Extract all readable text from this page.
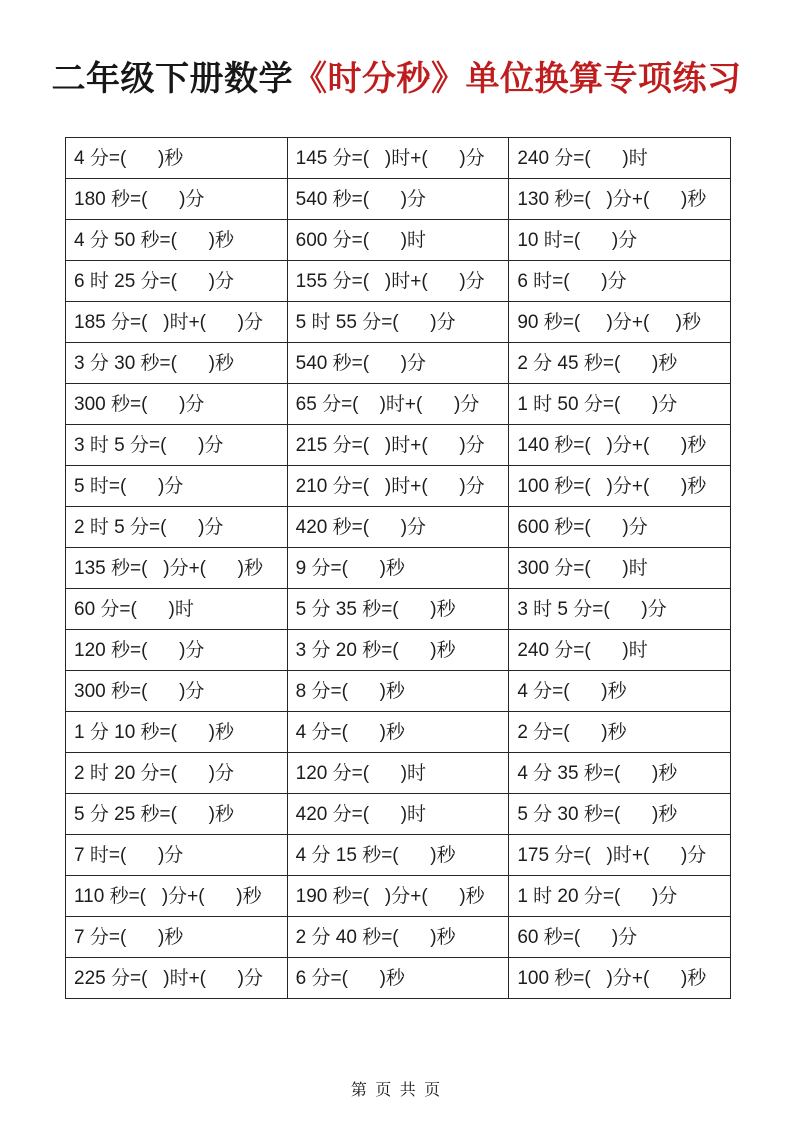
二年级下册数学《时分秒》单位换算专项练习
4 分=(      )秒	145 分=(   )时+(      )分	240 分=(      )时
180 秒=(      )分	540 秒=(      )分	130 秒=(   )分+(      )秒
4 分 50 秒=(      )秒	600 分=(      )时	10 时=(      )分
6 时 25 分=(      )分	155 分=(   )时+(      )分	6 时=(      )分
185 分=(   )时+(      )分	5 时 55 分=(      )分	90 秒=(     )分+(     )秒
3 分 30 秒=(      )秒	540 秒=(      )分	2 分 45 秒=(      )秒
300 秒=(      )分	65 分=(    )时+(      )分	1 时 50 分=(      )分
3 时 5 分=(      )分	215 分=(   )时+(      )分	140 秒=(   )分+(      )秒
5 时=(      )分	210 分=(   )时+(      )分	100 秒=(   )分+(      )秒
2 时 5 分=(      )分	420 秒=(      )分	600 秒=(      )分
135 秒=(   )分+(      )秒	9 分=(      )秒	300 分=(      )时
60 分=(      )时	5 分 35 秒=(      )秒	3 时 5 分=(      )分
120 秒=(      )分	3 分 20 秒=(      )秒	240 分=(      )时
300 秒=(      )分	8 分=(      )秒	4 分=(      )秒
1 分 10 秒=(      )秒	4 分=(      )秒	2 分=(      )秒
2 时 20 分=(      )分	120 分=(      )时	4 分 35 秒=(      )秒
5 分 25 秒=(      )秒	420 分=(      )时	5 分 30 秒=(      )秒
7 时=(      )分	4 分 15 秒=(      )秒	175 分=(   )时+(      )分
110 秒=(   )分+(      )秒	190 秒=(   )分+(      )秒	1 时 20 分=(      )分
7 分=(      )秒	2 分 40 秒=(      )秒	60 秒=(      )分
225 分=(   )时+(      )分	6 分=(      )秒	100 秒=(   )分+(      )秒
第 页 共 页
